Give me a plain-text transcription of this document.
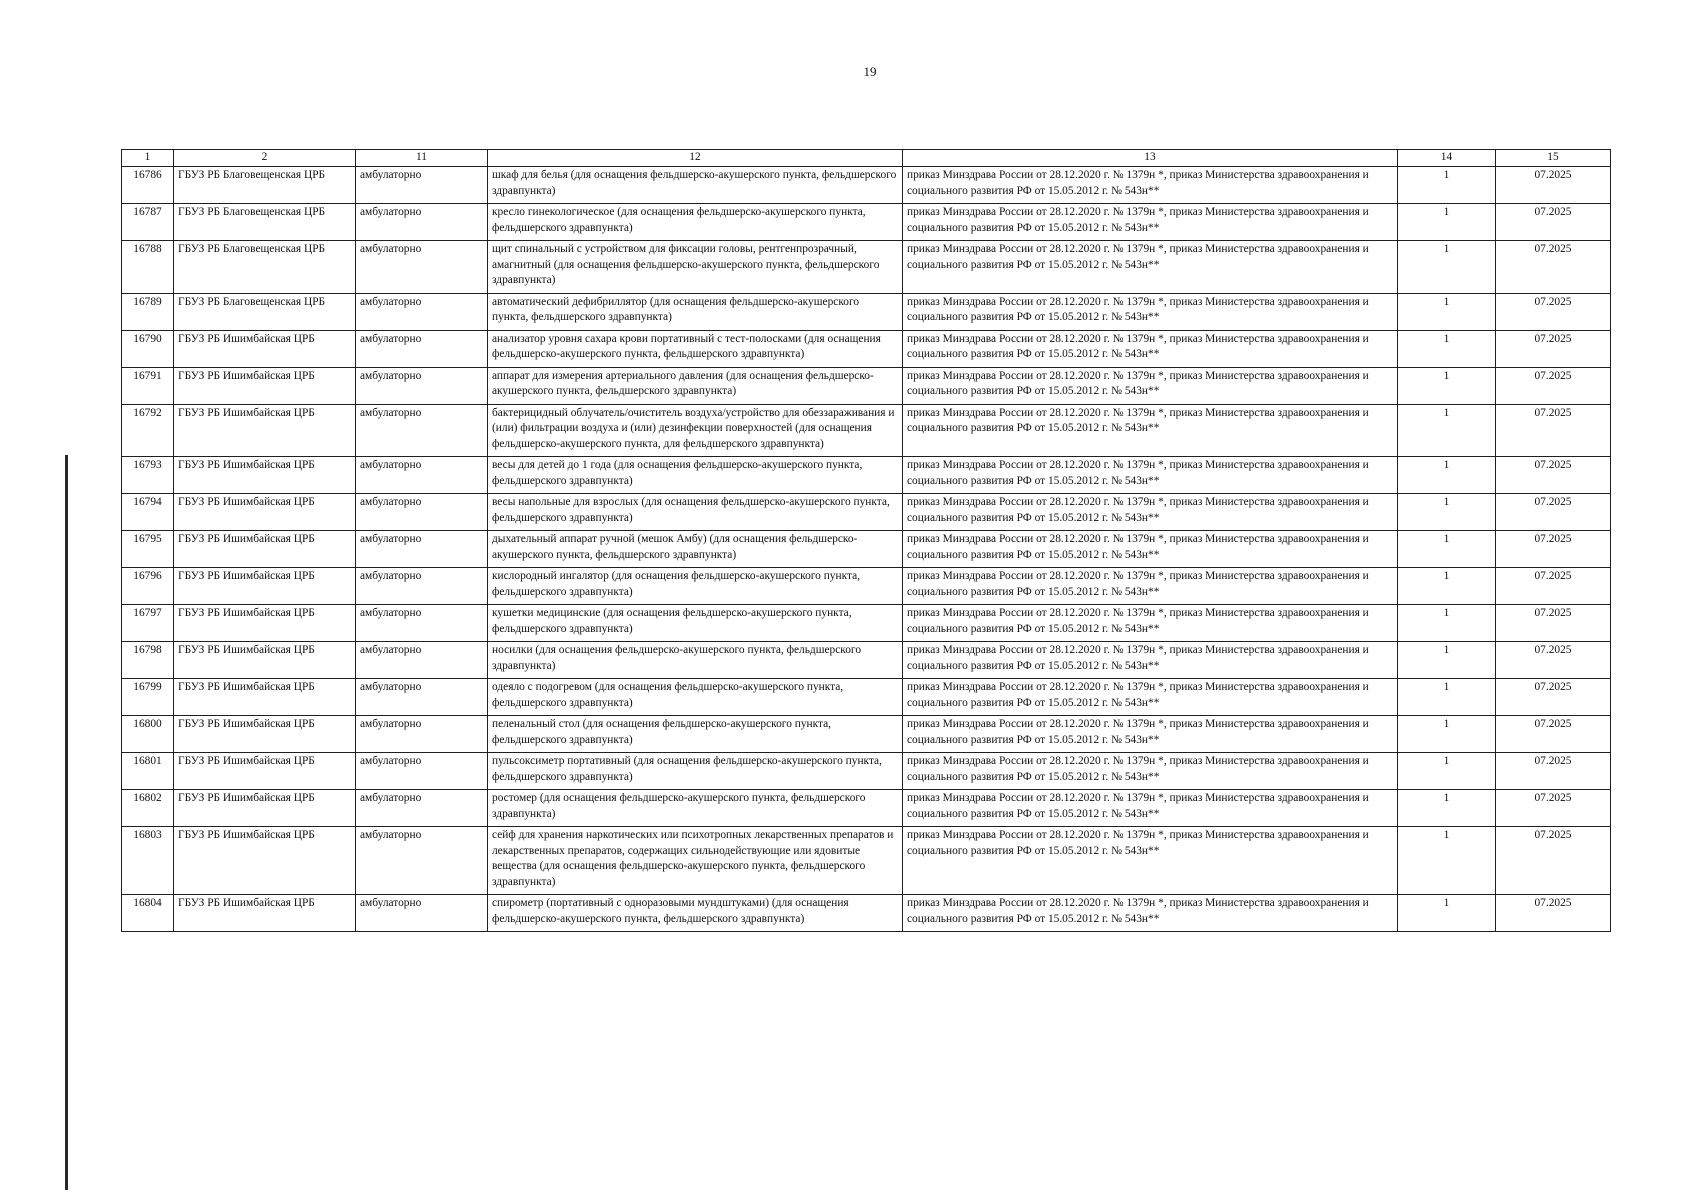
19
1	2	11	12	13	14	15
16786	ГБУЗ РБ Благовещенская ЦРБ	амбулаторно	шкаф для белья (для оснащения фельдшерско-акушерского пункта, фельдшерского здравпункта)	приказ Минздрава России от 28.12.2020 г. № 1379н *, приказ Министерства здравоохранения и социального развития РФ от 15.05.2012 г. № 543н**	1	07.2025
16787	ГБУЗ РБ Благовещенская ЦРБ	амбулаторно	кресло гинекологическое (для оснащения фельдшерско-акушерского пункта, фельдшерского здравпункта)	приказ Минздрава России от 28.12.2020 г. № 1379н *, приказ Министерства здравоохранения и социального развития РФ от 15.05.2012 г. № 543н**	1	07.2025
16788	ГБУЗ РБ Благовещенская ЦРБ	амбулаторно	щит спинальный с устройством для фиксации головы, рентгенпрозрачный, амагнитный (для оснащения фельдшерско-акушерского пункта, фельдшерского здравпункта)	приказ Минздрава России от 28.12.2020 г. № 1379н *, приказ Министерства здравоохранения и социального развития РФ от 15.05.2012 г. № 543н**	1	07.2025
16789	ГБУЗ РБ Благовещенская ЦРБ	амбулаторно	автоматический дефибриллятор (для оснащения фельдшерско-акушерского пункта, фельдшерского здравпункта)	приказ Минздрава России от 28.12.2020 г. № 1379н *, приказ Министерства здравоохранения и социального развития РФ от 15.05.2012 г. № 543н**	1	07.2025
16790	ГБУЗ РБ Ишимбайская ЦРБ	амбулаторно	анализатор уровня сахара крови портативный с тест-полосками (для оснащения фельдшерско-акушерского пункта, фельдшерского здравпункта)	приказ Минздрава России от 28.12.2020 г. № 1379н *, приказ Министерства здравоохранения и социального развития РФ от 15.05.2012 г. № 543н**	1	07.2025
16791	ГБУЗ РБ Ишимбайская ЦРБ	амбулаторно	аппарат для измерения артериального давления (для оснащения фельдшерско-акушерского пункта, фельдшерского здравпункта)	приказ Минздрава России от 28.12.2020 г. № 1379н *, приказ Министерства здравоохранения и социального развития РФ от 15.05.2012 г. № 543н**	1	07.2025
16792	ГБУЗ РБ Ишимбайская ЦРБ	амбулаторно	бактерицидный облучатель/очиститель воздуха/устройство для обеззараживания и (или) фильтрации воздуха и (или) дезинфекции поверхностей (для оснащения фельдшерско-акушерского пункта, для фельдшерского здравпункта)	приказ Минздрава России от 28.12.2020 г. № 1379н *, приказ Министерства здравоохранения и социального развития РФ от 15.05.2012 г. № 543н**	1	07.2025
16793	ГБУЗ РБ Ишимбайская ЦРБ	амбулаторно	весы для детей до 1 года (для оснащения фельдшерско-акушерского пункта, фельдшерского здравпункта)	приказ Минздрава России от 28.12.2020 г. № 1379н *, приказ Министерства здравоохранения и социального развития РФ от 15.05.2012 г. № 543н**	1	07.2025
16794	ГБУЗ РБ Ишимбайская ЦРБ	амбулаторно	весы напольные для взрослых (для оснащения фельдшерско-акушерского пункта, фельдшерского здравпункта)	приказ Минздрава России от 28.12.2020 г. № 1379н *, приказ Министерства здравоохранения и социального развития РФ от 15.05.2012 г. № 543н**	1	07.2025
16795	ГБУЗ РБ Ишимбайская ЦРБ	амбулаторно	дыхательный аппарат ручной (мешок Амбу) (для оснащения фельдшерско-акушерского пункта, фельдшерского здравпункта)	приказ Минздрава России от 28.12.2020 г. № 1379н *, приказ Министерства здравоохранения и социального развития РФ от 15.05.2012 г. № 543н**	1	07.2025
16796	ГБУЗ РБ Ишимбайская ЦРБ	амбулаторно	кислородный ингалятор (для оснащения фельдшерско-акушерского пункта, фельдшерского здравпункта)	приказ Минздрава России от 28.12.2020 г. № 1379н *, приказ Министерства здравоохранения и социального развития РФ от 15.05.2012 г. № 543н**	1	07.2025
16797	ГБУЗ РБ Ишимбайская ЦРБ	амбулаторно	кушетки медицинские (для оснащения фельдшерско-акушерского пункта, фельдшерского здравпункта)	приказ Минздрава России от 28.12.2020 г. № 1379н *, приказ Министерства здравоохранения и социального развития РФ от 15.05.2012 г. № 543н**	1	07.2025
16798	ГБУЗ РБ Ишимбайская ЦРБ	амбулаторно	носилки (для оснащения фельдшерско-акушерского пункта, фельдшерского здравпункта)	приказ Минздрава России от 28.12.2020 г. № 1379н *, приказ Министерства здравоохранения и социального развития РФ от 15.05.2012 г. № 543н**	1	07.2025
16799	ГБУЗ РБ Ишимбайская ЦРБ	амбулаторно	одеяло с подогревом (для оснащения фельдшерско-акушерского пункта, фельдшерского здравпункта)	приказ Минздрава России от 28.12.2020 г. № 1379н *, приказ Министерства здравоохранения и социального развития РФ от 15.05.2012 г. № 543н**	1	07.2025
16800	ГБУЗ РБ Ишимбайская ЦРБ	амбулаторно	пеленальный стол (для оснащения фельдшерско-акушерского пункта, фельдшерского здравпункта)	приказ Минздрава России от 28.12.2020 г. № 1379н *, приказ Министерства здравоохранения и социального развития РФ от 15.05.2012 г. № 543н**	1	07.2025
16801	ГБУЗ РБ Ишимбайская ЦРБ	амбулаторно	пульсоксиметр портативный (для оснащения фельдшерско-акушерского пункта, фельдшерского здравпункта)	приказ Минздрава России от 28.12.2020 г. № 1379н *, приказ Министерства здравоохранения и социального развития РФ от 15.05.2012 г. № 543н**	1	07.2025
16802	ГБУЗ РБ Ишимбайская ЦРБ	амбулаторно	ростомер (для оснащения фельдшерско-акушерского пункта, фельдшерского здравпункта)	приказ Минздрава России от 28.12.2020 г. № 1379н *, приказ Министерства здравоохранения и социального развития РФ от 15.05.2012 г. № 543н**	1	07.2025
16803	ГБУЗ РБ Ишимбайская ЦРБ	амбулаторно	сейф для хранения наркотических или психотропных лекарственных препаратов и лекарственных препаратов, содержащих сильнодействующие или ядовитые вещества (для оснащения фельдшерско-акушерского пункта, фельдшерского здравпункта)	приказ Минздрава России от 28.12.2020 г. № 1379н *, приказ Министерства здравоохранения и социального развития РФ от 15.05.2012 г. № 543н**	1	07.2025
16804	ГБУЗ РБ Ишимбайская ЦРБ	амбулаторно	спирометр (портативный с одноразовыми мундштуками) (для оснащения фельдшерско-акушерского пункта, фельдшерского здравпункта)	приказ Минздрава России от 28.12.2020 г. № 1379н *, приказ Министерства здравоохранения и социального развития РФ от 15.05.2012 г. № 543н**	1	07.2025
